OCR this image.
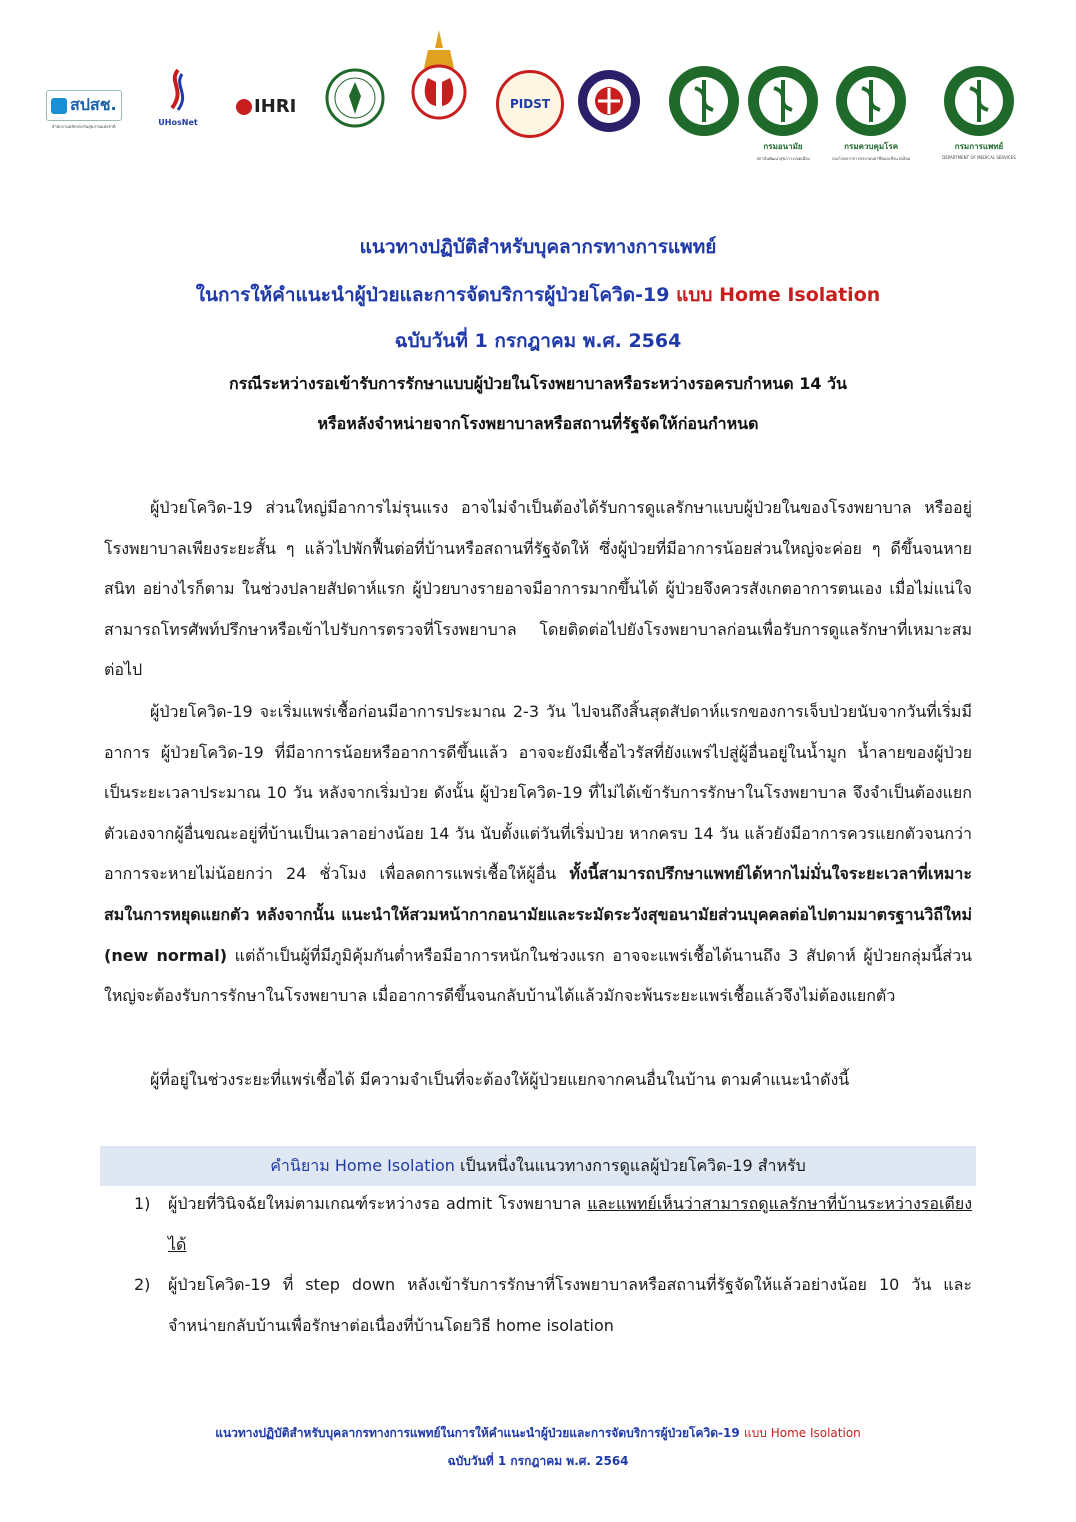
สปสช.
สำนักงานหลักประกันสุขภาพแห่งชาติ	UHosNet
IHRI	PIDST
กรมอนามัย
สถาบันพัฒนาสุขภาวะเขตเมือง
กรมควบคุมโรค
กองโรคจากการประกอบอาชีพและสิ่งแวดล้อม
กรมการแพทย์
DEPARTMENT OF MEDICAL SERVICES
แนวทางปฏิบัติสำหรับบุคลากรทางการแพทย์
ในการให้คำแนะนำผู้ป่วยและการจัดบริการผู้ป่วยโควิด-19 แบบ Home Isolation
ฉบับวันที่ 1 กรกฎาคม พ.ศ. 2564
กรณีระหว่างรอเข้ารับการรักษาแบบผู้ป่วยในโรงพยาบาลหรือระหว่างรอครบกำหนด 14 วัน
หรือหลังจำหน่ายจากโรงพยาบาลหรือสถานที่รัฐจัดให้ก่อนกำหนด
ผู้ป่วยโควิด-19 ส่วนใหญ่มีอาการไม่รุนแรง อาจไม่จำเป็นต้องได้รับการดูแลรักษาแบบผู้ป่วยในของโรงพยาบาล หรืออยู่โรงพยาบาลเพียงระยะสั้น ๆ แล้วไปพักฟื้นต่อที่บ้านหรือสถานที่รัฐจัดให้ ซึ่งผู้ป่วยที่มีอาการน้อยส่วนใหญ่จะค่อย ๆ ดีขึ้นจนหายสนิท อย่างไรก็ตาม ในช่วงปลายสัปดาห์แรก ผู้ป่วยบางรายอาจมีอาการมากขึ้นได้ ผู้ป่วยจึงควรสังเกตอาการตนเอง เมื่อไม่แน่ใจสามารถโทรศัพท์ปรึกษาหรือเข้าไปรับการตรวจที่โรงพยาบาล โดยติดต่อไปยังโรงพยาบาลก่อนเพื่อรับการดูแลรักษาที่เหมาะสมต่อไป
ผู้ป่วยโควิด-19 จะเริ่มแพร่เชื้อก่อนมีอาการประมาณ 2-3 วัน ไปจนถึงสิ้นสุดสัปดาห์แรกของการเจ็บป่วยนับจากวันที่เริ่มมีอาการ ผู้ป่วยโควิด-19 ที่มีอาการน้อยหรืออาการดีขึ้นแล้ว อาจจะยังมีเชื้อไวรัสที่ยังแพร่ไปสู่ผู้อื่นอยู่ในน้ำมูก น้ำลายของผู้ป่วยเป็นระยะเวลาประมาณ 10 วัน หลังจากเริ่มป่วย ดังนั้น ผู้ป่วยโควิด-19 ที่ไม่ได้เข้ารับการรักษาในโรงพยาบาล จึงจำเป็นต้องแยกตัวเองจากผู้อื่นขณะอยู่ที่บ้านเป็นเวลาอย่างน้อย 14 วัน นับตั้งแต่วันที่เริ่มป่วย หากครบ 14 วัน แล้วยังมีอาการควรแยกตัวจนกว่าอาการจะหายไม่น้อยกว่า 24 ชั่วโมง เพื่อลดการแพร่เชื้อให้ผู้อื่น ทั้งนี้สามารถปรึกษาแพทย์ได้หากไม่มั่นใจระยะเวลาที่เหมาะสมในการหยุดแยกตัว หลังจากนั้น แนะนำให้สวมหน้ากากอนามัยและระมัดระวังสุขอนามัยส่วนบุคคลต่อไปตามมาตรฐานวิถีใหม่ (new normal) แต่ถ้าเป็นผู้ที่มีภูมิคุ้มกันต่ำหรือมีอาการหนักในช่วงแรก อาจจะแพร่เชื้อได้นานถึง 3 สัปดาห์ ผู้ป่วยกลุ่มนี้ส่วนใหญ่จะต้องรับการรักษาในโรงพยาบาล เมื่ออาการดีขึ้นจนกลับบ้านได้แล้วมักจะพ้นระยะแพร่เชื้อแล้วจึงไม่ต้องแยกตัว
ผู้ที่อยู่ในช่วงระยะที่แพร่เชื้อได้ มีความจำเป็นที่จะต้องให้ผู้ป่วยแยกจากคนอื่นในบ้าน ตามคำแนะนำดังนี้
คำนิยาม Home Isolation เป็นหนึ่งในแนวทางการดูแลผู้ป่วยโควิด-19 สำหรับ
1) ผู้ป่วยที่วินิจฉัยใหม่ตามเกณฑ์ระหว่างรอ admit โรงพยาบาล และแพทย์เห็นว่าสามารถดูแลรักษาที่บ้านระหว่างรอเตียงได้
2) ผู้ป่วยโควิด-19 ที่ step down หลังเข้ารับการรักษาที่โรงพยาบาลหรือสถานที่รัฐจัดให้แล้วอย่างน้อย 10 วัน และจำหน่ายกลับบ้านเพื่อรักษาต่อเนื่องที่บ้านโดยวิธี home isolation
แนวทางปฏิบัติสำหรับบุคลากรทางการแพทย์ในการให้คำแนะนำผู้ป่วยและการจัดบริการผู้ป่วยโควิด-19 แบบ Home Isolation
ฉบับวันที่ 1 กรกฎาคม พ.ศ. 2564
